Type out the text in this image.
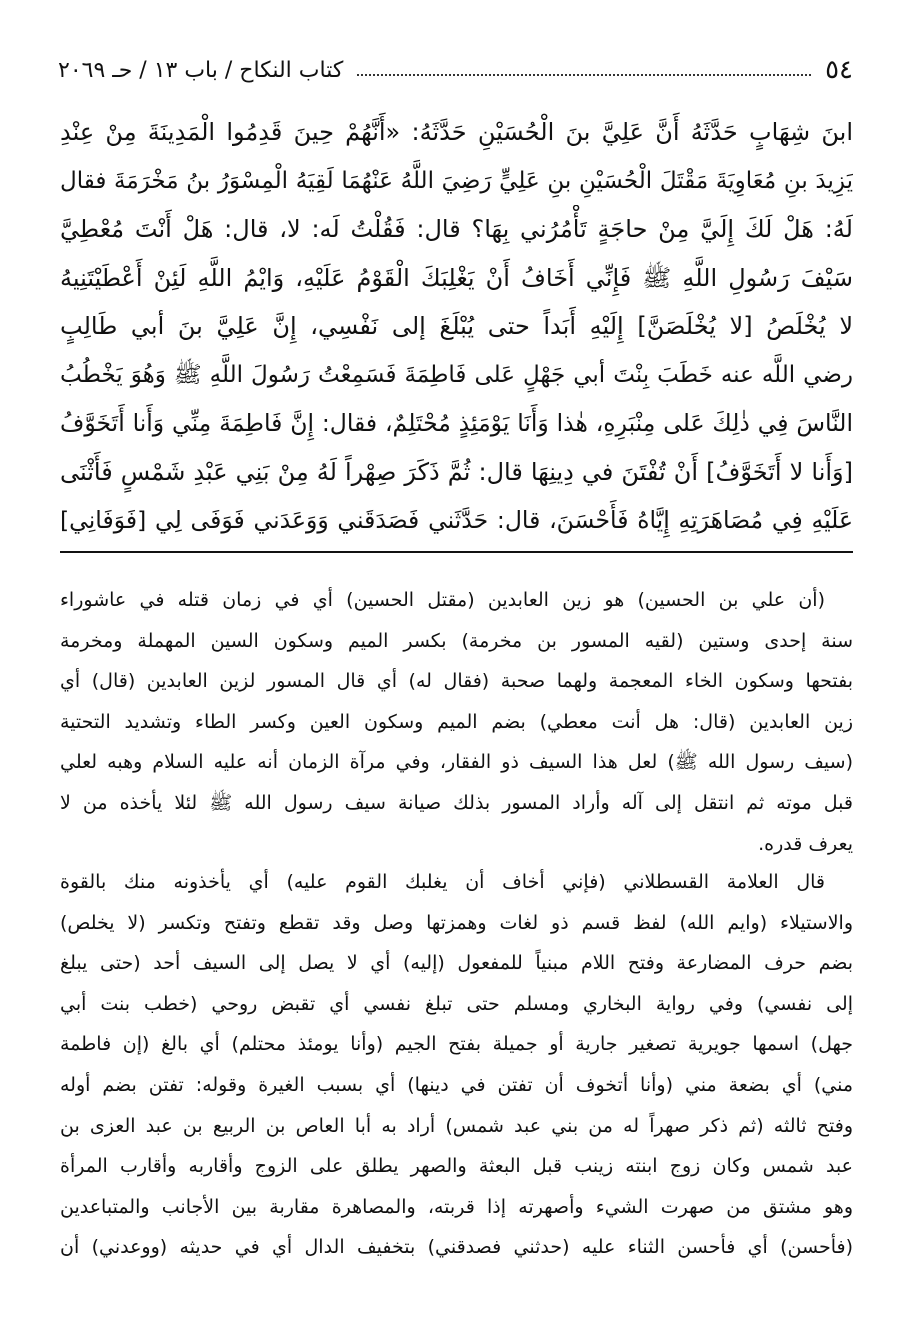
٥٤
كتاب النكاح / باب ١٣ / حـ ٢٠٦٩
ابنَ شِهَابٍ حَدَّثَهُ أَنَّ عَلِيَّ بنَ الْحُسَيْنِ حَدَّثَهُ: «أَنَّهُمْ حِينَ قَدِمُوا الْمَدِينَةَ مِنْ عِنْدِ
يَزِيدَ بنِ مُعَاوِيَةَ مَقْتَلَ الْحُسَيْنِ بنِ عَلِيٍّ رَضِيَ اللَّهُ عَنْهُمَا لَقِيَهُ الْمِسْوَرُ بنُ مَخْرَمَةَ فقال
لَهُ: هَلْ لَكَ إِلَيَّ مِنْ حاجَةٍ تَأْمُرُني بِهَا؟ قال: فَقُلْتُ لَه: لا، قال: هَلْ أَنْتَ مُعْطِيَّ
سَيْفَ رَسُولِ اللَّهِ ﷺ فَإِنِّي أَخَافُ أَنْ يَغْلِبَكَ الْقَوْمُ عَلَيْهِ، وَايْمُ اللَّهِ لَئِنْ أَعْطَيْتَنِيهُ
لا يُخْلَصُ [لا يُخْلَصَنَّ] إِلَيْهِ أَبَداً حتى يُبْلَغَ إلى نَفْسِي، إِنَّ عَلِيَّ بنَ أبي طَالِبٍ
رضي اللَّه عنه خَطَبَ بِنْتَ أبي جَهْلٍ عَلى فَاطِمَةَ فَسَمِعْتُ رَسُولَ اللَّهِ ﷺ وَهُوَ يَخْطُبُ
النَّاسَ فِي ذٰلِكَ عَلى مِنْبَرِهِ، هٰذا وَأَنَا يَوْمَئِذٍ مُحْتَلِمٌ، فقال: إِنَّ فَاطِمَةَ مِنِّي وَأَنا أَتَخَوَّفُ
[وَأَنا لا أَتَخَوَّفُ] أَنْ تُفْتَنَ في دِينِهَا قال: ثُمَّ ذَكَرَ صِهْراً لَهُ مِنْ بَنِي عَبْدِ شَمْسٍ فَأَثْنَى
عَلَيْهِ فِي مُصَاهَرَتِهِ إِيَّاهُ فَأَحْسَنَ، قال: حَدَّثَني فَصَدَقَني وَوَعَدَني فَوَفَى لِي [فَوَفَانِي]
(أن علي بن الحسين) هو زين العابدين (مقتل الحسين) أي في زمان قتله في عاشوراء
سنة إحدى وستين (لقيه المسور بن مخرمة) بكسر الميم وسكون السين المهملة ومخرمة
بفتحها وسكون الخاء المعجمة ولهما صحبة (فقال له) أي قال المسور لزين العابدين (قال) أي
زين العابدين (قال: هل أنت معطي) بضم الميم وسكون العين وكسر الطاء وتشديد التحتية
(سيف رسول الله ﷺ) لعل هذا السيف ذو الفقار، وفي مرآة الزمان أنه عليه السلام وهبه لعلي
قبل موته ثم انتقل إلى آله وأراد المسور بذلك صيانة سيف رسول الله ﷺ لئلا يأخذه من لا
يعرف قدره.
قال العلامة القسطلاني (فإني أخاف أن يغلبك القوم عليه) أي يأخذونه منك بالقوة
والاستيلاء (وايم الله) لفظ قسم ذو لغات وهمزتها وصل وقد تقطع وتفتح وتكسر (لا يخلص)
بضم حرف المضارعة وفتح اللام مبنياً للمفعول (إليه) أي لا يصل إلى السيف أحد (حتى يبلغ
إلى نفسي) وفي رواية البخاري ومسلم حتى تبلغ نفسي أي تقبض روحي (خطب بنت أبي
جهل) اسمها جويرية تصغير جارية أو جميلة بفتح الجيم (وأنا يومئذ محتلم) أي بالغ (إن فاطمة
مني) أي بضعة مني (وأنا أتخوف أن تفتن في دينها) أي بسبب الغيرة وقوله: تفتن بضم أوله
وفتح ثالثه (ثم ذكر صهراً له من بني عبد شمس) أراد به أبا العاص بن الربيع بن عبد العزى بن
عبد شمس وكان زوج ابنته زينب قبل البعثة والصهر يطلق على الزوج وأقاربه وأقارب المرأة
وهو مشتق من صهرت الشيء وأصهرته إذا قربته، والمصاهرة مقاربة بين الأجانب والمتباعدين
(فأحسن) أي فأحسن الثناء عليه (حدثني فصدقني) بتخفيف الدال أي في حديثه (ووعدني) أن
